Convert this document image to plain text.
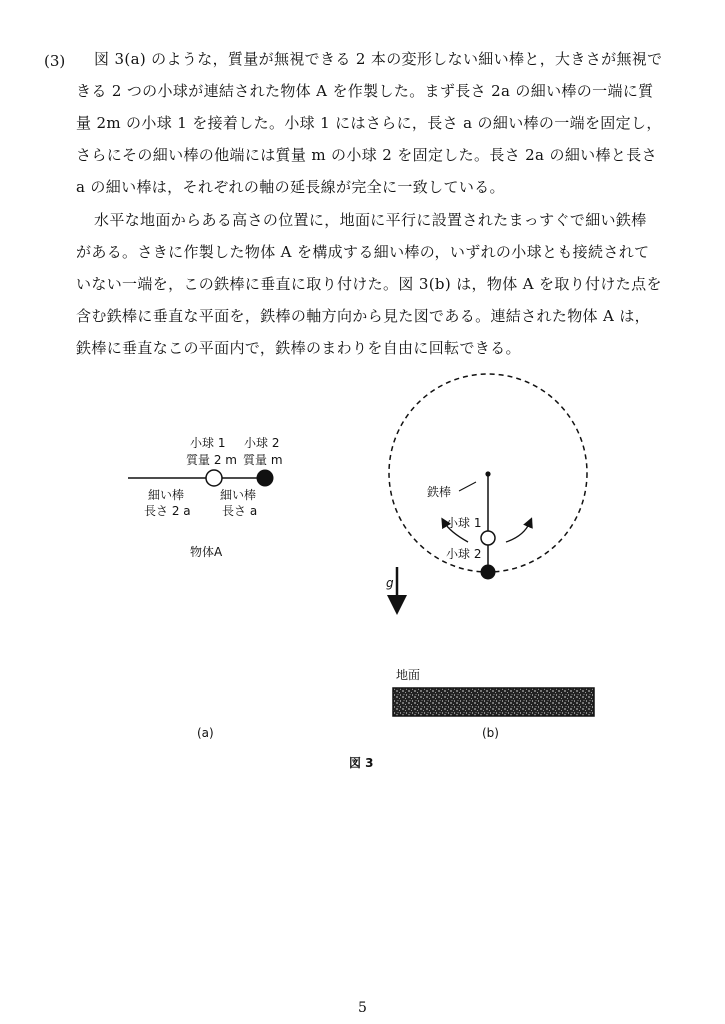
(3) 図 3(a) のような，質量が無視できる 2 本の変形しない細い棒と，大きさが無視で
きる 2 つの小球が連結された物体 A を作製した。まず長さ 2a の細い棒の一端に質
量 2m の小球 1 を接着した。小球 1 にはさらに，長さ a の細い棒の一端を固定し，
さらにその細い棒の他端には質量 m の小球 2 を固定した。長さ 2a の細い棒と長さ
a の細い棒は，それぞれの軸の延長線が完全に一致している。
水平な地面からある高さの位置に，地面に平行に設置されたまっすぐで細い鉄棒
がある。さきに作製した物体 A を構成する細い棒の，いずれの小球とも接続されて
いない一端を，この鉄棒に垂直に取り付けた。図 3(b) は，物体 A を取り付けた点を
含む鉄棒に垂直な平面を，鉄棒の軸方向から見た図である。連結された物体 A は，
鉄棒に垂直なこの平面内で，鉄棒のまわりを自由に回転できる。
小球 1
質量 2 m
小球 2
質量 m
細い棒
長さ 2 a
細い棒
長さ a
物体A
(a)
鉄棒
小球 1
小球 2
g
地面
(b)
図 3
5
